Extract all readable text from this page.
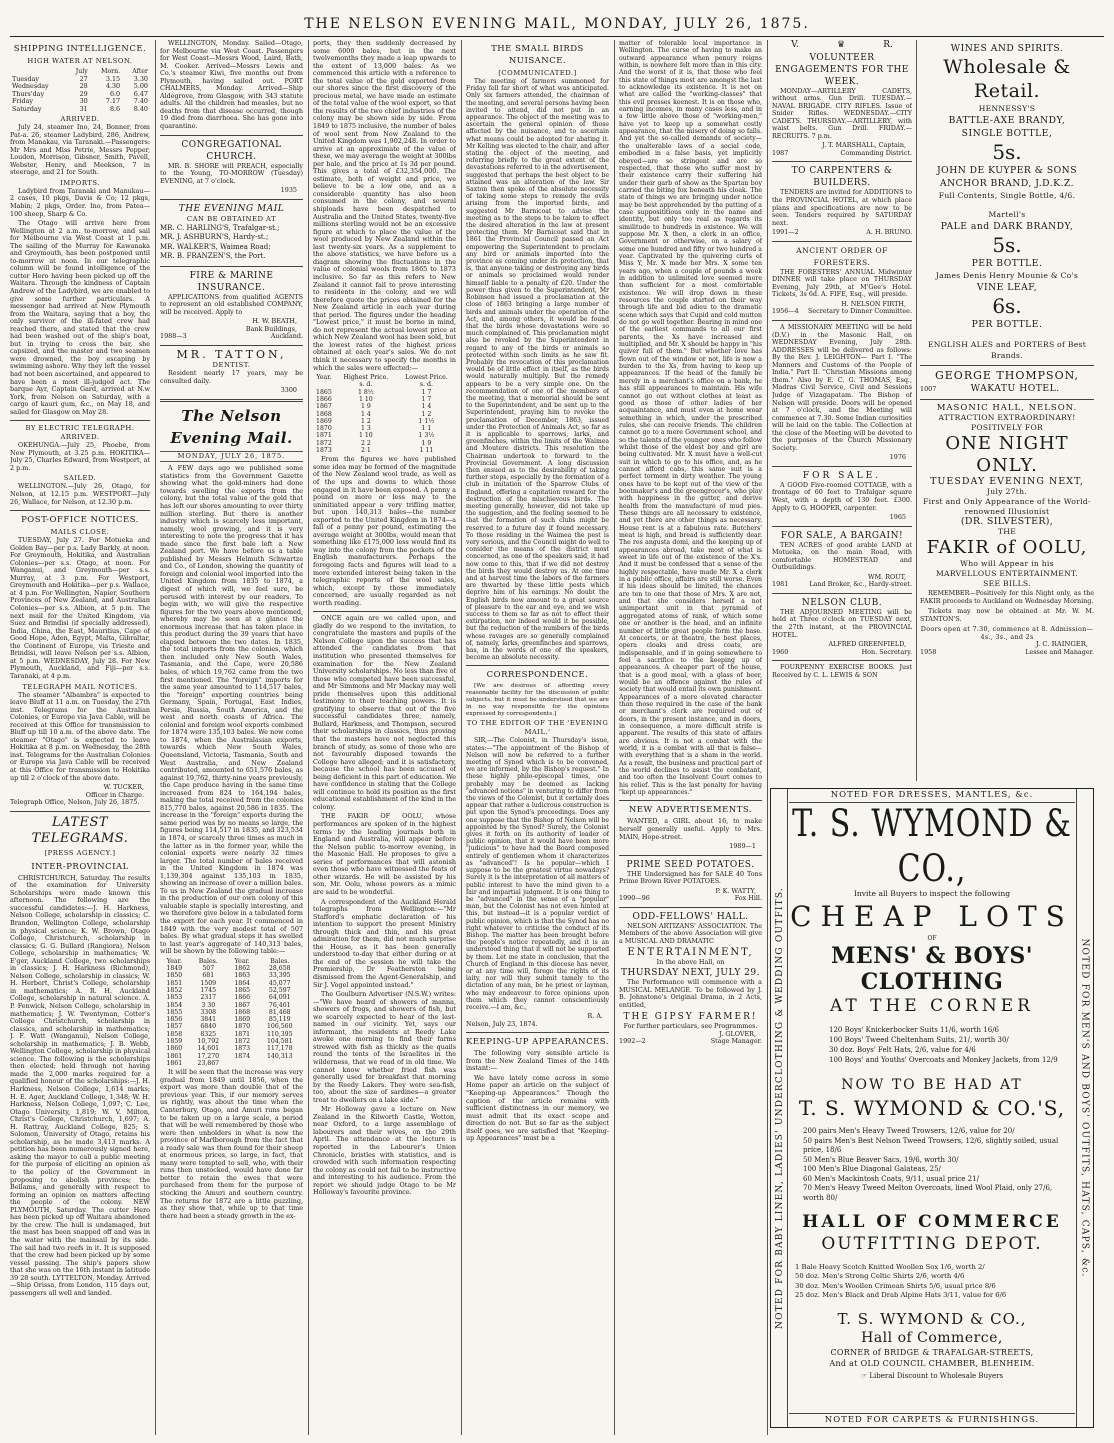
THE NELSON EVENING MAIL, MONDAY, JULY 26, 1875.
SHIPPING INTELLIGENCE.
HIGH WATER AT NELSON.
	July	Morn.	After
Tuesday	27	3.15	3.30
Wednesday	28	4.30	5.00
Thurs'day	29	6.0	6.47
Friday	30	7.17	7.40
Saturday	31	8.6	8.40
ARRIVED.

July 24, steamer Ino, 24, Bonner, from Pat-a. 26, steamer Ladybird, 286, Andrew, from Manakau, via Taranaki.—Passengers: Mr Mrs and Miss Petrie, Messrs Pepper, Loudon, Morrison, Gibsner, Smith, Pavell, Webster, Henry, and Meekson, 7 in steerage, and 21 for South.

IMPORTS.

Ladybird from Taranaki and Manukau—2 cases, 10 pkgs, Davis & Co; 12 pkgs, Mabin; 2 pkgs, Order. Ino, from Patea—100 sheep, Sharp & Co.

The Otago will arrive here from Wellington at 2 a.m. to-morrow, and sail for Melbourne via West Coast at 1 p.m. The sailing of the Murray for Kawanaka and Greymouth, has been postponed until to-morrow at noon. In our telegraphic column will be found intelligence of the cutter Hero having been picked up off the Waitara. Through the kindness of Captain Andrew of the Ladybird, we are enabled to give some further particulars. A messenger had arrived at New Plymouth from the Waitara, saying that a boy, the only survivor of the ill-fated crew had reached there, and stated that the crew had been washed out of the ship's boat, but in trying to cross the bar, she capsized, and the master and two seamen were drowned, the boy escaping by swimming ashore. Why they left the vessel had not been ascertained, and appeared to have been a most ill-judged act. The barque Ayr, Captain Gard, arrived at N.w York, from Nelson on Saturday, with a cargo of kauri gum, &c., on May 18, and sailed for Glasgow on May 28.

BY ELECTRIC TELEGRAPH.
ARRIVED.

OKEHUNGA.—July 25, Phoebe, from New Plymouth, at 3.25 p.m. HOKITIKA—July 25, Charles Edward, from Westport, at 2 p.m.

SAILED.

WELLINGTON.—July 26, Otago, for Nelson, at 12.15 p.m. WESTPORT—July 26, Wallace, for Nelson, at 12.30 p.m.

POST-OFFICE NOTICES.
MAILS CLOSE.

TUESDAY, July 27. For Motueka and Golden Bay—per p.s. Lady Barkly, at noon. For Greymouth, Hokitika, and Australian Colonies—per s.s. Otago, at noon. For Wanganui, and Greymouth—per s.s. Murray, at 3 p.m. For Westport, Greymouth and Hokitika—per p.s. Wallace, at 4 p.m. For Wellington, Napier, Southern Provinces of New Zealand, and Australian Colonies—per s.s. Albion, at 5 p.m. The next mail for the United Kingdom, via Suez and Brindisi (if specially addressed), India, China, the East, Mauritius, Cape of Good Hope, Aden, Egypt, Malta, Gibraltar, the Continent of Europe, via Trieste and Brindisi, will leave Nelson per s.s. Albion, at 5 p.m. WEDNESDAY, July 28. For New Plymouth, Auckland, and Fiji—per s.s. Taranaki, at 4 p.m.

TELEGRAPH MAIL NOTICES.

The steamer "Albambra" is expected to leave Bluff at 11 a.m. on Tuesday, the 27th inst. Telegrams for the Australian Colonies, or Europe via Java Cable, will be received at this Office for transmission to Bluff up till 10 a.m. of the above date. The steamer "Otago" is expected to leave Hokitika at 8 p.m. on Wednesday, the 28th inst. Telegrams for the Australian Colonies or Europe via Java Cable will be received at this Office for transmission to Hokitika up till 2 o'clock of the above date.

W. TUCKER,
Officer in Charge.
Telegraph Office, Nelson, July 26, 1875.
LATEST TELEGRAMS.
[PRESS AGENCY.]
INTER-PROVINCIAL

CHRISTCHURCH, Saturday. The results of the examination for University Scholarships were made known this afternoon. The following are the successful candidates:—J. H. Harkness, Nelson College, scholarship in classics; C. Brandon, Wellington College, scholarship in physical science; K. W. Brown, Otago College, Christchurch, scholarship in classics; G. G. Bullard (Rangiora), Nelson College, scholarship in mathematics; W. E'ger, Auckland College, two scholarships in classics; J. H. Harkness (Richmond), Nelson College, scholarship in classics; W. H. Herbert, Christ's College, scholarship in mathematics; A. R. H. Auckland College, scholarship in natural science. A. P. Fenwick, Nelson College, scholarship in mathematics; J. W. Twentyman, Cotter's College Christchurch, scholarship in classics, and scholarship in mathematics; J. F. Watt (Wanganui), Nelson College, scholarship in mathematics; J. B. Webb, Wellington College, scholarship in physical science. The following is the scholarships then elected; held through not having made the 2,000 marks required for a qualified honour of the scholarships:—J. H. Harkness, Nelson College, 1,614 marks; H. E. Ager, Auckland College, 1,348; W. H. Harkness, Nelson College, 1,097; C. Lee, Otago University, 1,819; W. V. Milton, Christ's College, Christchurch, 1,697; A. H. Rattray, Auckland College, 825; S. Solomon, University of Otago, retains his scholarship, as he made 3,413 marks. A petition has been numerously signed here, asking the mayor to call a public meeting for the purpose of eliciting an opinion as to the policy of the Government in proposing to abolish provinces; the Bellams, and generally with respect to forming an opinion on matters affecting the people of the colony. NEW PLYMOUTH, Saturday. The cutter Hero has been picked up off Waitara abandoned by the crew. The hull is undamaged, but the mast has been snapped off and was in the water with the mainsail by its side. The sail had two reefs in it. It is supposed that the crew had been picked up by some vessel passing. The ship's papers show that she was on the 16th instant in latitude 39 28 south. LYTTELTON, Monday. Arrived—Ship Orissa, from London, 115 days out, passengers all well and landed.

WELLINGTON, Monday. Sailed—Otago, for Melbourne via West Coast. Passengers for West Coast—Messrs Wood, Laird, Bath, M. Cooker. Arrived—Messrs Lewis and Co.'s steamer Kiwi, five months out from Plymouth, having sailed out. PORT CHALMERS, Monday. Arrived—Ship Aldegrove, from Glasgow, with 343 statute adults. All the children had measles, but no deaths from that disease occurred, though 19 died from diarrhoea. She has gone into quarantine.

CONGREGATIONAL CHURCH.

MR. B. SHORE will PREACH, especially to the Young, TO-MORROW (Tuesday) EVENING, at 7 o'clock.

1935
THE EVENING MAIL
CAN BE OBTAINED AT
MR. C. HARLING'S, Trafalgar-st.;
MR. J. ASHBURN'S, Hardy-st.;
MR. WALKER'S, Waimea Road;
MR. B. FRANZEN'S, the Port.
FIRE & MARINE INSURANCE.

APPLICATIONS from qualified AGENTS to represent an old established COMPANY, will be received. Apply to

H. W. BEATH,
Bank Buildings,
1988—3	Auckland.
MR. TATTON,
DENTIST.

Resident nearly 17 years, may be consulted daily.

3300
The Nelson Evening Mail.
MONDAY, JULY 26, 1875.

A FEW days ago we published some statistics from the Government Gazette showing what the gold-miners had done towards swelling the exports from the colony, but the total value of the gold that has left our shores amounting to over thirty million sterling. But there is another industry which is scarcely less important, namely, wool growing, and it is very interesting to note the progress that it has made since the first bale left a New Zealand port. We have before us a table published by Messrs Helmuth Schwartze and Co., of London, showing the quantity of foreign and colonial wool imported into the United Kingdom from 1835 to 1874, a digest of which will, we feel sure, be perused with interest by our readers. To begin with, we will give the respective figures for the two years above mentioned, whereby may be seen at a glance the enormous increase that has taken place in this product during the 39 years that have elapsed between the two dates. In 1835, the total imports from the colonies, which then included only New South Wales, Tasmania, and the Cape, were 20,586 bales, of which 19,762 came from the two first mentioned. The "foreign" imports for the same year amounted to 114,517 bales, the "foreign" exporting countries being Germany, Spain, Portugal, East Indies, Persia, Russia, South America, and the west and north coasts of Africa. The colonial and foreign wool exports combined for 1874 were 135,103 bales. We now come to 1874, when the Australasian exports, towards which New South Wales, Queensland, Victoria, Tasmania, South and West Australia, and New Zealand contributed, amounted to 651,576 bales, as against 19,762, thirty-nine years previously, the Cape produce having in the same time increased from 824 to 164,194 bales, making the total received from the colonies 815,770 bales, against 20,586 in 1835. The increase in the "foreign" exports during the same period was by no means so large, the figures being 114,517 in 1835, and 323,534 in 1874, or scarcely three times as much in the latter as in the former year, while the colonial exports were nearly 32 times larger. The total number of bales received in the United Kingdom in 1874 was 1,139,304 against 135,103 in 1835, showing an increase of over a million bales. To us in New Zealand the gradual increase in the production of our own colony of this valuable staple is specially interesting, and we therefore give below in a tabulated form the export for each year. It commenced in 1849 with the very modest total of 507 bales. By what gradual steps it has swelled to last year's aggregate of 140,313 bales, will be shown by the following table:—

Year.	Bales.	Year.	Bales.
1849	507	1862	28,658
1850	681	1863	33,395
1851	1509	1864	45,077
1852	1745	1865	52,597
1853	2317	1866	64,091
1854	3 30	1867	76,461
1855	3308	1868	81,468
1856	3841	1869	85,119
1857	6840	1870	106,560
1858	8325	1871	110,395
1859	10,792	1872	104,581
1860	14,601	1873	117,178
1861	17,270	1874	140,313
1861	23,867		

It will be seen that the increase was very gradual from 1849 until 1856, when the export was more than double that of the previous year. This, if our memory serves us rightly, was about the time when the Canterbury, Otago, and Amuri runs began to be taken up on a large scale, a period that will be well remembered by those who were then unholders in what is now the province of Marlborough from the fact that a ready sale was then found for their sheep at enormous prices, so large, in fact, that many were tempted to sell, who, with their runs then unstocked, would have done far better to retain the ewes that were purchased from them for the purpose of stocking the Amuri and southern country. The returns for 1872 are a little puzzling, as they show that, while up to that time there had been a steady growth in the ex-

ports, they then suddenly decreased by some 6000 bales, but in the next twelvemonths they made a leap upwards to the extent of 13,000 bales. As we commenced this article with a reference to the total value of the gold exported from our shores since the first discovery of the precious metal, we have made an estimate of the total value of the wool export, so that the results of the two chief industries of the colony may be shown side by side. From 1849 to 1875 inclusive, the number of bales of wool sent from New Zealand to the United Kingdom was 1,902,248. In order to arrive at an approximate of the value of these, we may average the weight at 300lbs per bale, and the price at 1s 3d per pound. This gives a total of £32,354,000. The estimate, both of weight and price, we believe to be a low one, and as a considerable quantity has also been consumed in the colony, and several shiploads have been despatched to Australia and the United States, twenty-five millions sterling would not be an excessive figure at which to place the value of the wool produced by New Zealand within the last twenty-six years. As a supplement to the above statistics, we have before us a diagram showing the fluctuations in the value of colonial wools from 1865 to 1873 inclusive. So far as this refers to New Zealand it cannot fail to prove interesting to residents in the colony, and we will therefore quote the prices obtained for the New Zealand article in each year during that period. The figures under the heading "Lowest price," it must be borne in mind, do not represent the actual lowest price at which New Zealand wool has been sold, but the lowest rates of the highest prices obtained at each year's sales. We do not think it necessary to specify the months in which the sales were effected:—

Year.	Highest Price.	Lowest Price.
	s. d.	s. d.
1865	1 8½	1 7
1866	1 10	1 7
1867	1 9	1 4
1868	1 4	1 2
1869	1 2	1 1½
1870	1 3	1 1
1871	1 10	1 3½
1872	2 2	1 9
1873	2 1	1 11

From the figures we have published some idea may be formed of the magnitude of the New Zealand wool trade, as well as of the ups and downs to which those engaged in it have been exposed. A penny a pound on more or less may to the uninitiated appear a very trifling matter, but upon 140,313 bales—the number exported to the United Kingdom in 1874—a fall of a penny per pound, estimating the average weight at 300lbs, would mean that something like £175,000 less would find its way into the colony from the pockets of the English manufacturers. Perhaps the foregoing facts and figures will lead to a more extended interest being taken in the telegraphic reports of the wool sales, which, except by those immediately concerned, are usually regarded as not worth reading.

ONCE again are we called upon, and gladly do we respond to the invitation, to congratulate the masters and pupils of the Nelson College upon the success that has attended the candidates from that institution who presented themselves for examination for the New Zealand University scholarships. No less than five of those who competed have been successful, and Mr Simmons and Mr Mackay may well pride themselves upon this additional testimony to their teaching powers. It is gratifying to observe that out of the five successful candidates three, namely, Bullard, Harkness, and Thompson, secured their scholarships in classics, thus proving that the masters have not neglected this branch of study, as some of those who are not favourably disposed towards the College have alleged; and it is satisfactory, because the school has been accused of being deficient in this part of education. We have confidence in stating that the College will continue to hold its position as the first educational establishment of the kind in the colony.

THE FAKIR OF OOLU, whose performances are spoken of in the highest terms by the leading journals both in England and Australia, will appear before the Nelson public to-morrow evening, in the Masonic Hall. He proposes to give a series of performances that will astonish even those who have witnessed the feats of other wizards. He will be assisted by his son, Mr. Oolu, whose powers as a mimic are said to be wonderful.

A correspondent of the Auckland Herald telegraphs from Wellington:—"Mr Stafford's emphatic declaration of his intention to support the present Ministry through thick and thin, and his great admiration for them, did not much surprise the House, as it has been generally understood to-day that either during or at the end of the session he will take the Premiership, Dr Featherston being dismissed from the Agent-Generalship, and Sir J. Vogel appointed instead."

The Goulburn Advertiser (N.S.W.) writes:—"We have heard of showers of manna, showers of frogs, and showers of fish, but we scarcely expected to hear of the last-named in our vicinity. Yet, says our informant, the residents at Reedy Lake awoke one morning to find their farms strewed with fish as thickly as the quails round the tents of the Israelites in the wilderness, that we read of in old time. We cannot know whether fried fish was generally used for breakfast that morning by the Reedy Lakers. They were sea-fish, too, about the size of sardines—a greater treat to dwellers on a lake side."

Mr Holloway gave a lecture on New Zealand in the Kilworth Castle, Wotton, near Oxford, to a large assemblage of labourers and their wives, on the 29th April. The attendance at the lecture is reported in the Labourer's Union Chronicle, bristles with statistics, and is crowded with such information respecting the colony as could not fail to be instructive and interesting to his audience. From the report we should judge Otago to be Mr Holloway's favourite province.

THE SMALL BIRDS NUISANCE.
[COMMUNICATED.]

The meeting of farmers summoned for Friday fell far short of what was anticipated. Only six farmers attended, the chairman of the meeting, and several persons having been invited to attend, did not put in an appearance. The object of the meeting was to ascertain the general opinion of those affected by the nuisance, and to ascertain what means could be adopted for abating it. Mr Kelling was elected to the chair, and after stating the object of the meeting, and referring briefly to the great extent of the devastations referred to in the advertisement, suggested that perhaps the best object to be attained was an alteration of the law. Sir Saxton then spoke of the absolute necessity of taking some steps to remedy the evils arising from the imported birds, and suggested Mr Barnicoat to advise the meeting as to the steps to be taken to effect the desired alteration in the law at present protecting them. Mr Barnicoat said that in 1861 the Provincial Council passed an Act empowering the Superintendent to proclaim any bird or animals imported into the province as coming under its protection, that is, that anyone taking or destroying any birds or animals so proclaimed would render himself liable to a penalty of £20. Under the power thus given to the Superintendent, Mr Robinson had issued a proclamation at the close of 1863 bringing a large number of birds and animals under the operation of the Act, and, among others, it would be found that the birds whose devastations were so much complained of. This proclamation might also be revoked by the Superintendent in regard to any of the birds or animals so protected within such limits as he saw fit. Probably the revocation of this proclamation would be of little effect in itself, as the birds would naturally multiply. But the remedy appears to be a very simple one. On the recommendation of one of the members of the meeting, that a memorial should be sent to the Superintendent, and be sent up to the Superintendent, praying him to revoke the proclamation of December, 1863, issued under the Protection of Animals Act, so far as it is applicable to sparrows, larks, and greenfinches, within the limits of the Waimea and Moutere districts. This resolution the Chairman undertook to forward to the Provincial Government. A long discussion then ensued as to the desirability of taking further steps, especially by the formation of a club in imitation of the Sparrow Clubs of England, offering a capitation reward for the destruction of the mischievous birds. The meeting generally, however, did not take up the suggestion, and the feeling seemed to be that the formation of such clubs might be reserved to a future day if found necessary. To those residing in the Waimea the pest is very serious, and the Council might do well to consider the means of the district most concerned, as one of the speakers said, it had now come to this, that if we did not destroy the birds they would destroy us. At one time and at harvest time the labors of the farmers are thwarted by these little pests which deprive him of his earnings. No doubt the English birds now amount to a great source of pleasure to the ear and eye, and we wish success to them so far as not to effect their extirpation, nor indeed would it be possible, but the reduction of the numbers of the birds whose ravages are so generally complained of, namely, larks, greenfinches and sparrows, has, in the words of one of the speakers, become an absolute necessity.

CORRESPONDENCE.

[We are desirous of affording every reasonable facility for the discussion of public subjects, but it must be understood that we are in no way responsible for the opinions expressed by correspondents.]

TO THE EDITOR OF THE 'EVENING MAIL.'

SIR,—The Colonist, in Thursday's issue, states:—"The appointment of the Bishop of Nelson will now be referred to a further meeting of Synod which is to be convened, we are informed, by the Bishop's request." In these highly philo-episcopal times, one probably may be deemed as lacking "advanced notions" in venturing to differ from the views of the Colonist, but it certainly does appear that rather a ludicrous construction is put upon the Synod's proceedings. Does any one suppose that the Bishop of Nelson will be appointed by the Synod? Surely, the Colonist gives it forth on its authority of leader of public opinion, that it would have been more "judicious" to have had the Board composed entirely of gentlemen whom it characterizes as "advanced"! Is he popular—which I suppose to be the greatest virtue nowadays? Surely it is the interpretation of all matters of public interest to have the mind given to a fair and impartial judgment. It is one thing to be "advanced" in the sense of a "popular" man, but the Colonist has not even hinted at this, but instead—it is a popular verdict of public opinion, which is that the Synod has no right whatever to criticise the conduct of its Bishop. The matter has been brought before the people's notice repeatedly, and it is an understood thing that it will not be supported by them. Let me state in conclusion, that the Church of England in this diocese has never, or at any time will, forego the rights of its laity, nor will they submit tamely to the dictation of any man, be he priest or layman, who may endeavour to force opinions upon them which they cannot conscientiously receive.—I am, &c.,

R. A.
Nelson, July 23, 1874.
KEEPING-UP APPEARANCES.

The following very sensible article is from the New Zealand Times of the 14th instant:—

We have lately come across in some Home paper an article on the subject of "Keeping-up Appearances." Though the caption of the article remains with sufficient distinctness in our memory, we must admit that its exact scope and direction do not. But so far as the subject itself goes, we are satisfied that "Keeping-up Appearances" must be a

matter of tolerable local importance in Wellington. The curse of having to make an outward appearance when penury reigns within, is nowhere felt more than in this city. And the worst of it is, that those who feel this state of things most are amongst the last to acknowledge its existence. It is not on what are called the "working-classes" that this evil presses keenest. It is on those who, earning incomes, in many cases less, and in a few little above those of "working-men," have yet to keep up a somewhat costly appearance, that the misery of doing so falls. And yet the so-called demands of society—the unalterable laws of a social code, embodied in a false basis, yet implicitly obeyed—are so stringent and are so respected, that those who suffer most by their existence carry their suffering hid under their garb of show as the Spartan boy carried the biting fox beneath his cloak. The state of things we are bringing under notice may be best apprehended by the putting of a case supposititious only in the name and identity, but only too real as regards its similitude to hundreds in existence. We will suppose Mr. X then, a clerk in an office, Government or otherwise, on a salary of some one hundred and fifty or two hundred a year. Captivated by the quivering curls of Miss Y, Mr. X made her Mrs. X some ten years ago, when a couple of pounds a week in addition to unlimited love seemed more than sufficient for a most comfortable existence. We will drop down in these resources the couple started on their way through life and bid adieu to the dramatic scene which says that Cupid and cold mutton do not go well together. Bearing in mind one of the earliest commands to all our first parents, the Xs have increased and multiplied, and Mr. X should be happy in "his quiver full of them." But whether love has flown out of the window or not, life is now a burden to the Xs, from having to keep up appearances. If the head of the family be merely in a merchant's office on a bank, he has still appearances to maintain. His wife cannot go out without clothes at least as good as those of other ladies of her acquaintance, and must even at home wear something in which, under the prescribed rules, she can receive friends. The children cannot go to a mere Government school, and so the talents of the younger ones who follow whilst those of the eldest boy and girl are being cultivated. Mr. X must have a well-cut suit in which to go to his office, and, as he cannot afford cabs, this same suit is a perfect torment in dirty weather. The young ones have to be kept out of the view of the bootmaker's and the greengrocer's, who play with happiness in the gutter, and derive health from the manufacture of mud pies. These things are all necessary to existence, and yet there are other things as necessary. House rent is at a fabulous rate. Butchers' meat is high, and bread is sufficiently dear. The res angusta domi, and the keeping up of appearances abroad, take most of what is sweet in life out of the existence of the X's. And it must be confessed that a sense of the highly respectable, have made Mr. X a clerk in a public office, affairs are still worse. Even if his ideas should be limited, the chances are ten to one that those of Mrs. X are not, and that she considers herself a not unimportant unit in that pyramid of aggregated atoms of rank, of which some one or another is the head, and an infinite number of little great people form the base. At concerts, or at theatre, the best places, opera cloaks and dress coats, are indispensable, and if in going somewhere to feel a sacrifice to the keeping up of appearances. A cheaper part of the house, that is a good meal, with a glass of beer, would be an offence against the rules of society that would entail its own punishment. Appearances of a more elevated character than those required in the case of the bank or merchant's clerk are required out of doors, in the present instance, and in doors, in consequence, a more difficult strife is apparent. The results of this state of affairs are obvious. It is not a combat with the world, it is a combat with all that is false—with everything that is a sham in the world. As a result, the business and practical part of the world declines to assist the combatant, and too often the Insolvent Court comes to his relief. This is the last penalty for having "kept up appearances."

NEW ADVERTISEMENTS.

WANTED, a GIRL about 16, to make herself generally useful. Apply to Mrs. MAIN, Hope-street.

1989—1
PRIME SEED POTATOES.

THE Undersigned has for SALE 40 Tons Prime Brown River POTATOES.

P. K. WATTY,
1990—96	Fox Hill.
ODD-FELLOWS' HALL.

NELSON ARTIZANS' ASSOCIATION. The Members of the above Association will give a MUSICAL AND DRAMATIC

ENTERTAINMENT,
In the above Hall, on
THURSDAY NEXT, JULY 29.

The Performance will commence with a MUSICAL MELANGE. To be followed by J. B. Johnstone's Original Drama, in 2 Acts, entitled,

THE GIPSY FARMER!
For further particulars, see Programmes.
J. GLOVER,
1992—2	Stage Manager.
V.	♛	R.
VOLUNTEER ENGAGEMENTS FOR THE WEEK.

MONDAY—ARTILLERY CADETS, without arms. Gun Drill. TUESDAY.—NAVAL BRIGADE. CITY RIFLES. Issue of Snider Rifles. WEDNESDAY.—CITY CADETS. THURSDAY.—ARTILLERY, with waist belts. Gun Drill. FRIDAY.—RECRUITS. 7 p.m.

J. T. MARSHALL, Captain,
1987	Commanding District.
TO CARPENTERS & BUILDERS.

TENDERS are invited for ADDITIONS to the PROVINCIAL HOTEL, at which place plans and specifications are now to be seen. Tenders required by SATURDAY next.

1991—2	A. H. BRUNO.
ANCIENT ORDER OF FORESTERS.

THE FORESTERS' ANNUAL Midwinter DINNER will take place on THURSDAY Evening, July 29th, at M'Gee's Hotel. Tickets, 3s 6d. A. FIFE, Esq., will preside.

H. NELSON FIRTH,
1956—4 Secretary to Dinner Committee.

A MISSIONARY MEETING will be held (D.V.) in the Masonic Hall, on WEDNESDAY Evening, July 28th. ADDRESSES will be delivered as follows: By the Rev. J. LEIGHTON— Part I. "The Manners and Customs of the People of India." Part II. "Christian Missions among them." Also by E. C. G. THOMAS, Esq., Madras Civil Service, Civil and Sessions Judge of Vizagapatam. The Bishop of Nelson will preside. Doors will be opened at 7 o'clock, and the Meeting will commence at 7.30. Some Indian curiosities will be laid on the table. The Collection at the close of the Meeting will be devoted to the purposes of the Church Missionary Society.

1976
FOR SALE.

A GOOD Five-roomed COTTAGE, with a frontage of 60 feet to Trafalgar square West, with a depth of 130 feet. £300. Apply to G. HOOPER, carpenter.

1965
FOR SALE, A BARGAIN!

TEN ACRES of good arable LAND at Motueka, on the main Road, with comfortable HOMESTEAD and Outbuildings.

WM. ROUT,
1981	Land Broker, &c., Hardy-street.
NELSON CLUB.

THE ADJOURNED MEETING will be held at Three o'clock on TUESDAY next, the 27th instant, at the PROVINCIAL HOTEL.

ALFRED GREENFIELD,
1960	Hon. Secretary.

FOURPENNY EXERCISE BOOKS. Just Received by C. L. LEWIS & SON

WINES AND SPIRITS.
Wholesale & Retail.
HENNESSY'S
BATTLE-AXE BRANDY,
SINGLE BOTTLE,
5s.
JOHN DE KUYPER & SONS
ANCHOR BRAND, J.D.K.Z.
Full Contents, Single Bottle, 4/6.
Martell's
PALE and DARK BRANDY,
5s.
PER BOTTLE.
James Denis Henry Mounie & Co's
VINE LEAF,
6s.
PER BOTTLE.
ENGLISH ALES and PORTERS of Best Brands.
GEORGE THOMPSON,
1007	WAKATU HOTEL.
MASONIC HALL, NELSON.
ATTRACTION EXTRAORDINARY!
POSITIVELY FOR
ONE NIGHT ONLY.
TUESDAY EVENING NEXT,
July 27th.
First and Only Appearance of the World-renowned Illusionist
(DR. SILVESTER),
THE
FAKIR of OOLU,
Who will Appear in his
MARVELLOUS ENTERTAINMENT.
SEE BILLS.

REMEMBER—Positively for this Night only, as the FAKIR proceeds to Auckland on Wednesday Morning.

Tickets may now be obtained at Mr. W. M. STANTON'S.

Doors open at 7.30, commence at 8. Admission—4s., 3s., and 2s
J. C. RAINGER,
1958	Lessee and Manager.
NOTED FOR BABY LINEN, LADIES' UNDERCLOTHING & WEDDING OUTFITS.	NOTED FOR MEN'S AND BOYS' OUTFITS, HATS, CAPS, &c.
NOTED FOR DRESSES, MANTLES, &c.
T. S. WYMOND & CO.,
Invite all Buyers to inspect the following
CHEAP LOTS
OF
MENS' & BOYS' CLOTHING
AT THE CORNER
120 Boys' Knickerbocker Suits 11/6, worth 16/6
100 Boys' Tweed Cheltenham Suits, 21/, worth 30/
30 doz. Boys' Felt Hats, 2/6, value for 4/6
100 Boys' and Youths' Overcoats and Monkey Jackets, from 12/9
NOW TO BE HAD AT
T. S. WYMOND & CO.'S,
200 pairs Men's Heavy Tweed Trowsers, 12/6, value for 20/
50 pairs Men's Best Nelson Tweed Trowsers, 12/6, slightly soiled, usual price, 18/6
50 Men's Blue Beaver Sacs, 19/6, worth 30/
100 Men's Blue Diagonal Galateas, 25/
60 Men's Mackintosh Coats, 9/11, usual price 21/
70 Men's Heavy Tweed Melton Overcoats, lined Wool Plaid, only 27/6, worth 80/
HALL OF COMMERCE
OUTFITTING DEPOT.
1 Bale Heavy Scotch Knitted Woollen Sox 1/6, worth 2/
50 doz. Men's Strong Celtic Shirts 2/6, worth 4/6
30 doz. Men's Woollen Crimean Shirts 5/6, usual price 8/6
25 doz. Men's Black and Drab Alpine Hats 3/11, value for 6/6
T. S. WYMOND & CO.,
Hall of Commerce,
CORNER of BRIDGE & TRAFALGAR-STREETS,
And at OLD COUNCIL CHAMBER, BLENHEIM.
☞ Liberal Discount to Wholesale Buyers
NOTED FOR CARPETS & FURNISHINGS.
